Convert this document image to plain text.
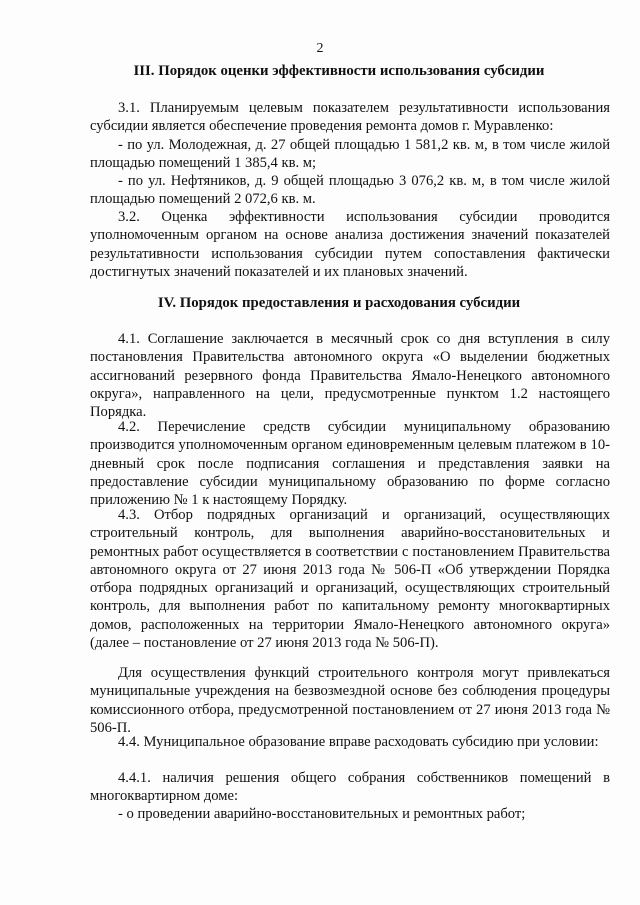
2
III. Порядок оценки эффективности использования субсидии
3.1. Планируемым целевым показателем результативности использования субсидии является обеспечение проведения ремонта домов г. Муравленко:
- по ул. Молодежная, д. 27 общей площадью 1 581,2 кв. м, в том числе жилой площадью помещений 1 385,4 кв. м;
- по ул. Нефтяников, д. 9 общей площадью 3 076,2 кв. м, в том числе жилой площадью помещений 2 072,6 кв. м.
3.2. Оценка эффективности использования субсидии проводится уполномоченным органом на основе анализа достижения значений показателей результативности использования субсидии путем сопоставления фактически достигнутых значений показателей и их плановых значений.
IV. Порядок предоставления и расходования субсидии
4.1. Соглашение заключается в месячный срок со дня вступления в силу постановления Правительства автономного округа «О выделении бюджетных ассигнований резервного фонда Правительства Ямало-Ненецкого автономного округа», направленного на цели, предусмотренные пунктом 1.2 настоящего Порядка.
4.2. Перечисление средств субсидии муниципальному образованию производится уполномоченным органом единовременным целевым платежом в 10-дневный срок после подписания соглашения и представления заявки на предоставление субсидии муниципальному образованию по форме согласно приложению № 1 к настоящему Порядку.
4.3. Отбор подрядных организаций и организаций, осуществляющих строительный контроль, для выполнения аварийно-восстановительных и ремонтных работ осуществляется в соответствии с постановлением Правительства автономного округа от 27 июня 2013 года № 506-П «Об утверждении Порядка отбора подрядных организаций и организаций, осуществляющих строительный контроль, для выполнения работ по капитальному ремонту многоквартирных домов, расположенных на территории Ямало-Ненецкого автономного округа» (далее – постановление от 27 июня 2013 года № 506-П).
Для осуществления функций строительного контроля могут привлекаться муниципальные учреждения на безвозмездной основе без соблюдения процедуры комиссионного отбора, предусмотренной постановлением от 27 июня 2013 года № 506-П.
4.4. Муниципальное образование вправе расходовать субсидию при условии:
4.4.1. наличия решения общего собрания собственников помещений в многоквартирном доме:
- о проведении аварийно-восстановительных и ремонтных работ;
